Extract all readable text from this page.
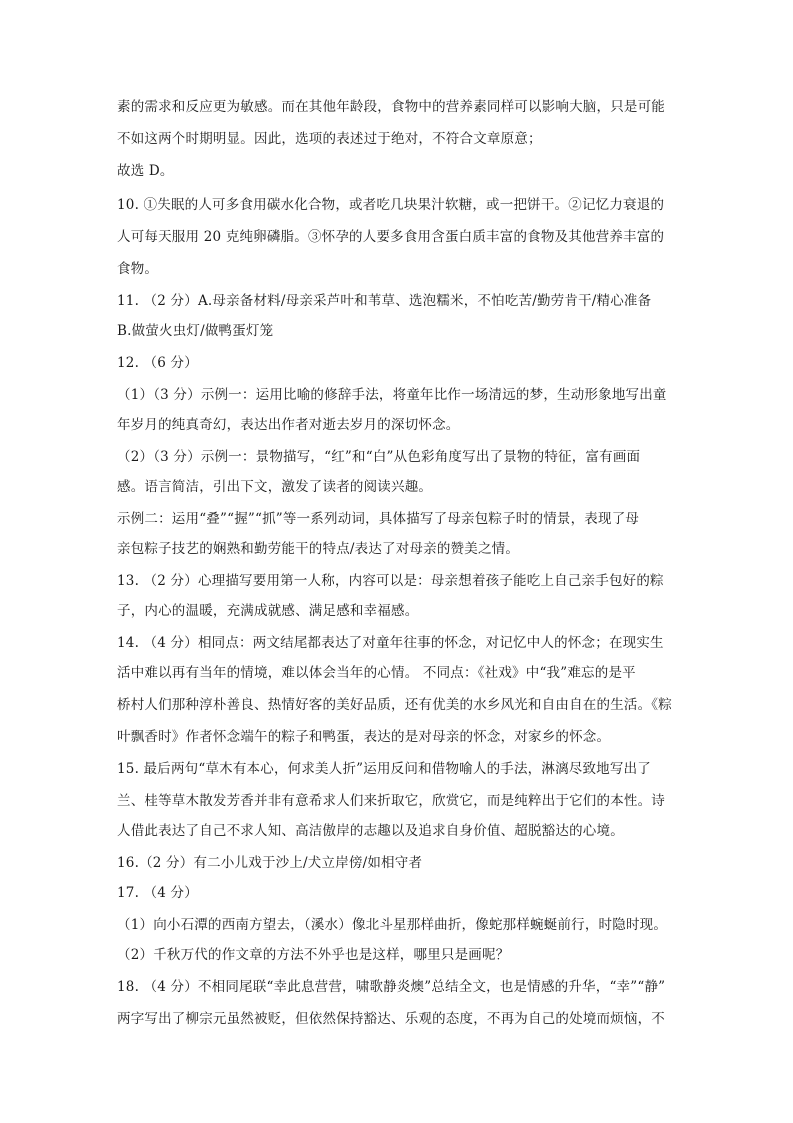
素的需求和反应更为敏感。而在其他年龄段，食物中的营养素同样可以影响大脑，只是可能
不如这两个时期明显。因此，选项的表述过于绝对，不符合文章原意；
故选 D。
10. ①失眠的人可多食用碳水化合物，或者吃几块果汁软糖，或一把饼干。②记忆力衰退的
人可每天服用 20 克纯卵磷脂。③怀孕的人要多食用含蛋白质丰富的食物及其他营养丰富的
食物。
11. （2 分）A.母亲备材料/母亲采芦叶和苇草、选泡糯米，不怕吃苦/勤劳肯干/精心准备
B.做萤火虫灯/做鸭蛋灯笼
12. （6 分）
（1）（3 分）示例一：运用比喻的修辞手法，将童年比作一场清远的梦，生动形象地写出童
年岁月的纯真奇幻，表达出作者对逝去岁月的深切怀念。
（2）（3 分）示例一：景物描写，“红”和“白”从色彩角度写出了景物的特征，富有画面
感。语言简洁，引出下文，激发了读者的阅读兴趣。
示例二：运用“叠”“握”“抓”等一系列动词，具体描写了母亲包粽子时的情景，表现了母
亲包粽子技艺的娴熟和勤劳能干的特点/表达了对母亲的赞美之情。
13. （2 分）心理描写要用第一人称，内容可以是：母亲想着孩子能吃上自己亲手包好的粽
子，内心的温暖，充满成就感、满足感和幸福感。
14. （4 分）相同点：两文结尾都表达了对童年往事的怀念，对记忆中人的怀念；在现实生
活中难以再有当年的情境，难以体会当年的心情。 不同点：《社戏》中“我”难忘的是平
桥村人们那种淳朴善良、热情好客的美好品质，还有优美的水乡风光和自由自在的生活。《粽
叶飘香时》作者怀念端午的粽子和鸭蛋，表达的是对母亲的怀念，对家乡的怀念。
15. 最后两句“草木有本心，何求美人折”运用反问和借物喻人的手法，淋漓尽致地写出了
兰、桂等草木散发芳香并非有意希求人们来折取它，欣赏它，而是纯粹出于它们的本性。诗
人借此表达了自己不求人知、高洁傲岸的志趣以及追求自身价值、超脱豁达的心境。
16.（2 分）有二小儿戏于沙上/犬立岸傍/如相守者
17. （4 分）
（1）向小石潭的西南方望去，（溪水）像北斗星那样曲折，像蛇那样蜿蜒前行，时隐时现。
（2）千秋万代的作文章的方法不外乎也是这样，哪里只是画呢？
18. （4 分）不相同尾联“幸此息营营，啸歌静炎燠”总结全文，也是情感的升华，“幸”“静”
两字写出了柳宗元虽然被贬，但依然保持豁达、乐观的态度，不再为自己的处境而烦恼，不
